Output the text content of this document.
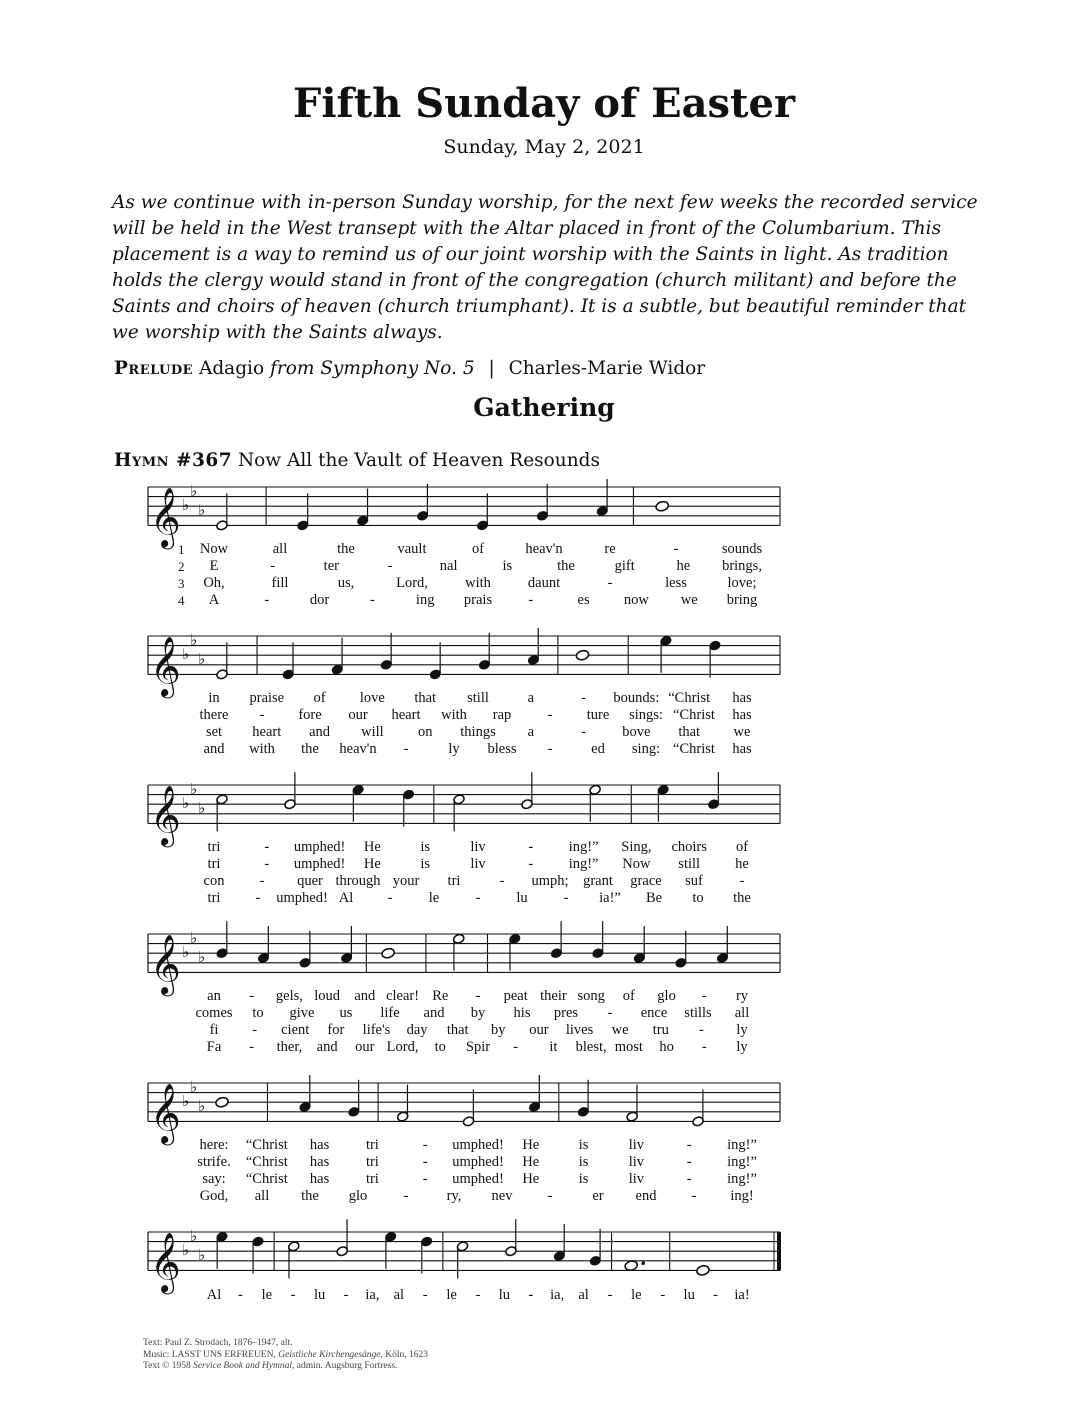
Fifth Sunday of Easter
Sunday, May 2, 2021

As we continue with in-person Sunday worship, for the next few weeks the recorded service will be held in the West transept with the Altar placed in front of the Columbarium. This placement is a way to remind us of our joint worship with the Saints in light. As tradition holds the clergy would stand in front of the congregation (church militant) and before the Saints and choirs of heaven (church triumphant). It is a subtle, but beautiful reminder that we worship with the Saints always.

Prelude Adagio from Symphony No. 5 | Charles-Marie Widor
Gathering
Hymn #367 Now All the Vault of Heaven Resounds
1
2
3
4
𝄞 ♭
♭
♭
𝄞 ♭
♭
♭
𝄞 ♭
♭
♭
𝄞 ♭
♭
♭
𝄞 ♭
♭
♭
𝄞 ♭
♭
♭
Now	all	the	vault	of	heav'n	re	-	sounds
E	-	ter	-	nal	is	the	gift	he brings,
Oh,	fill	us,	Lord,	with	daunt	-	less	love;
A	-	dor	-	ing prais	-	es now we bring
in praise of love that still	a	- bounds: “Christ has
there - fore our heart with rap	- ture sings: “Christ has
set heart and will on things a	-	bove that we
and with the heav'n -	ly bless -	ed sing: “Christ has
tri	- umphed! He	is	liv	- ing!” Sing, choirs of
tri	- umphed! He	is	liv	- ing!” Now still he
con - quer through your tri	- umph; grant grace suf	-
tri - umphed! Al -	le	- lu - ia!” Be to the
an - gels, loud and clear! Re - peat their song of glo - ry
comes to give us life and by his pres - ence stills all
fi - cient for life's day that by our lives we tru - ly
Fa - ther, and our Lord, to Spir - it blest, most ho - ly
here: “Christ has	tri	- umphed! He	is	liv	- ing!”
strife. “Christ has	tri	- umphed! He	is	liv	- ing!”
say: “Christ has	tri	- umphed! He	is	liv	- ing!”
God, all the glo	-	ry, nev -	er end - ing!
Al - le - lu - ia, al - le - lu - ia, al - le - lu - ia!
Text: Paul Z. Strodach, 1876–1947, alt.
Music: LASST UNS ERFREUEN, Geistliche Kirchengesänge, Köln, 1623
Text © 1958 Service Book and Hymnal, admin. Augsburg Fortress.
